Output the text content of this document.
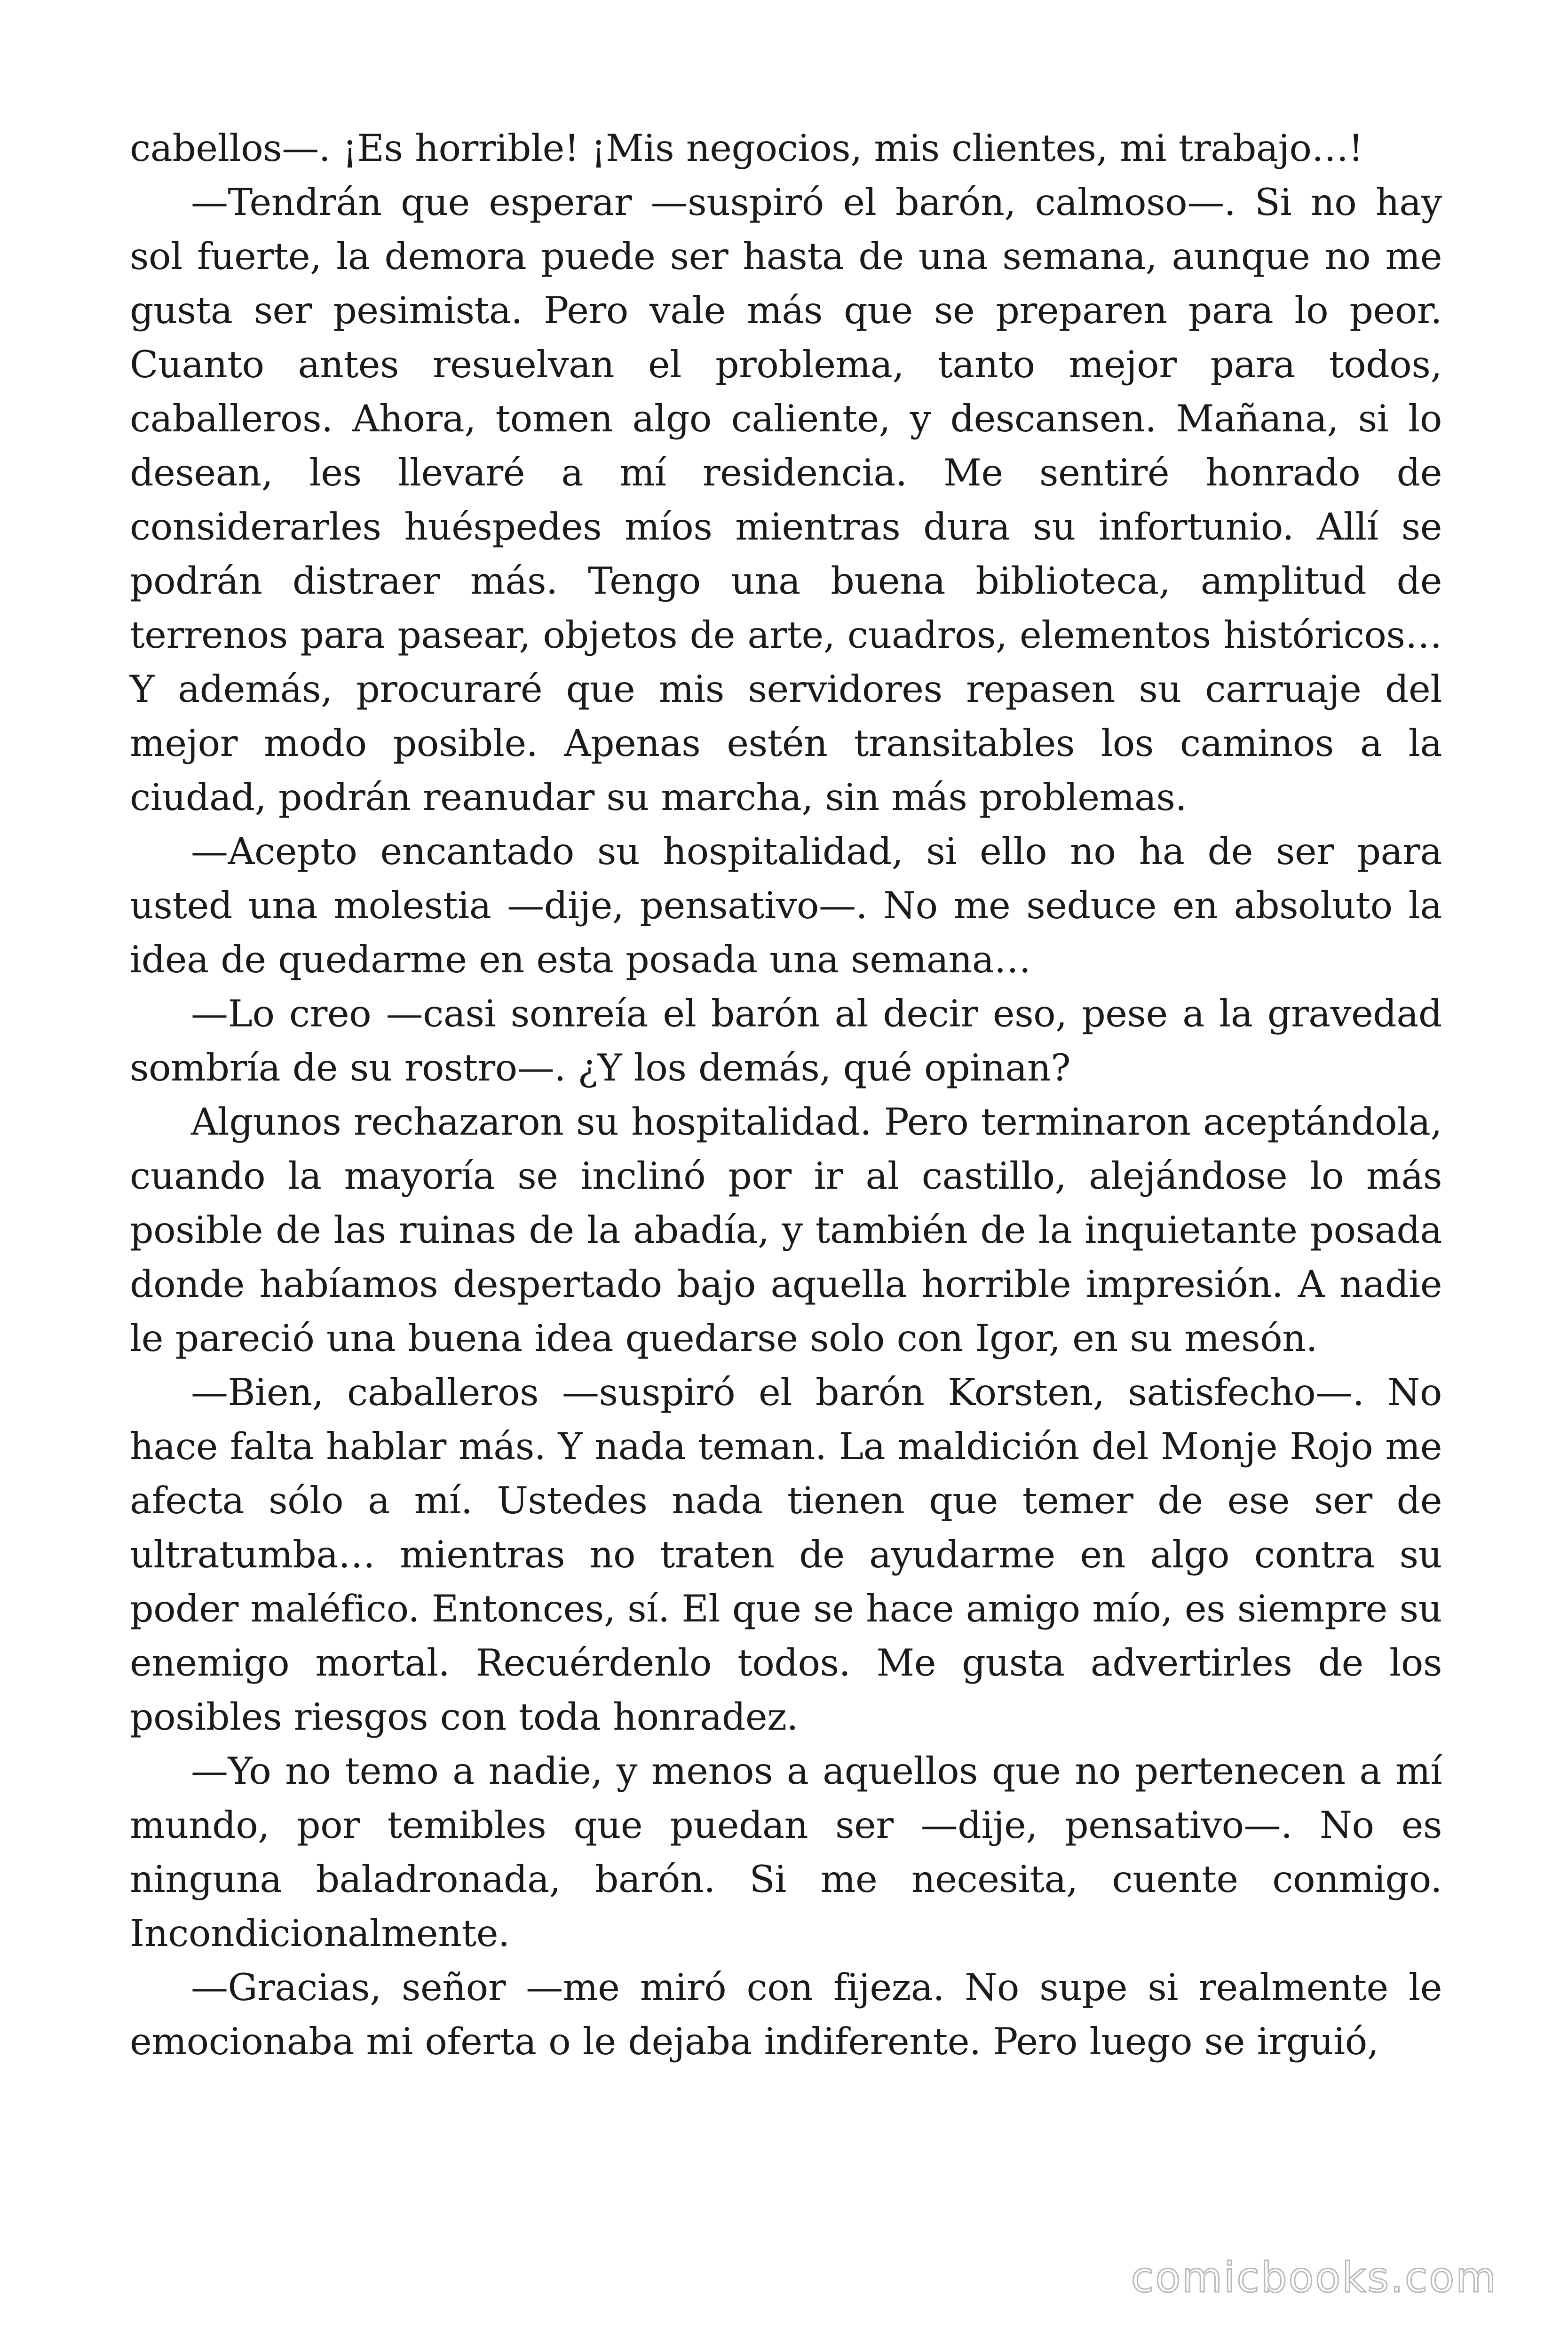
cabellos—. ¡Es horrible! ¡Mis negocios, mis clientes, mi trabajo…!

—Tendrán que esperar —suspiró el barón, calmoso—. Si no hay sol fuerte, la demora puede ser hasta de una semana, aunque no me gusta ser pesimista. Pero vale más que se preparen para lo peor. Cuanto antes resuelvan el problema, tanto mejor para todos, caballeros. Ahora, tomen algo caliente, y descansen. Mañana, si lo desean, les llevaré a mí residencia. Me sentiré honrado de considerarles huéspedes míos mientras dura su infortunio. Allí se podrán distraer más. Tengo una buena biblioteca, amplitud de terrenos para pasear, objetos de arte, cuadros, elementos históricos… Y además, procuraré que mis servidores repasen su carruaje del mejor modo posible. Apenas estén transitables los caminos a la ciudad, podrán reanudar su marcha, sin más problemas.

—Acepto encantado su hospitalidad, si ello no ha de ser para usted una molestia —dije, pensativo—. No me seduce en absoluto la idea de quedarme en esta posada una semana…

—Lo creo —casi sonreía el barón al decir eso, pese a la gravedad sombría de su rostro—. ¿Y los demás, qué opinan?

Algunos rechazaron su hospitalidad. Pero terminaron aceptándola, cuando la mayoría se inclinó por ir al castillo, alejándose lo más posible de las ruinas de la abadía, y también de la inquietante posada donde habíamos despertado bajo aquella horrible impresión. A nadie le pareció una buena idea quedarse solo con Igor, en su mesón.

—Bien, caballeros —suspiró el barón Korsten, satisfecho—. No hace falta hablar más. Y nada teman. La maldición del Monje Rojo me afecta sólo a mí. Ustedes nada tienen que temer de ese ser de ultratumba… mientras no traten de ayudarme en algo contra su poder maléfico. Entonces, sí. El que se hace amigo mío, es siempre su enemigo mortal. Recuérdenlo todos. Me gusta advertirles de los posibles riesgos con toda honradez.

—Yo no temo a nadie, y menos a aquellos que no pertenecen a mí mundo, por temibles que puedan ser —dije, pensativo—. No es ninguna baladronada, barón. Si me necesita, cuente conmigo. Incondicionalmente.

—Gracias, señor —me miró con fijeza. No supe si realmente le emocionaba mi oferta o le dejaba indiferente. Pero luego se irguió,

comicbooks.com
